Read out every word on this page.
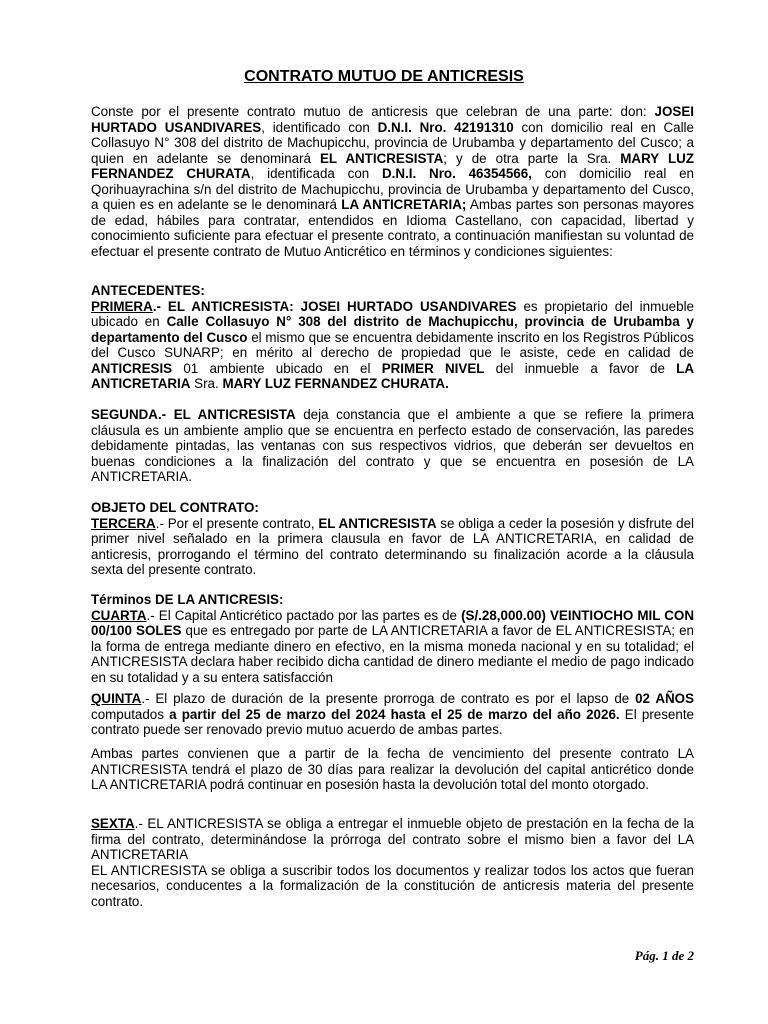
CONTRATO MUTUO DE ANTICRESIS

Conste por el presente contrato mutuo de anticresis que celebran de una parte: don: JOSEI HURTADO USANDIVARES, identificado con D.N.I. Nro. 42191310 con domicilio real en Calle Collasuyo N° 308 del distrito de Machupicchu, provincia de Urubamba y departamento del Cusco; a quien en adelante se denominará EL ANTICRESISTA; y de otra parte la Sra. MARY LUZ FERNANDEZ CHURATA, identificada con D.N.I. Nro. 46354566, con domicilio real en Qorihuayrachina s/n del distrito de Machupicchu, provincia de Urubamba y departamento del Cusco, a quien es en adelante se le denominará LA ANTICRETARIA; Ambas partes son personas mayores de edad, hábiles para contratar, entendidos en Idioma Castellano, con capacidad, libertad y conocimiento suficiente para efectuar el presente contrato, a continuación manifiestan su voluntad de efectuar el presente contrato de Mutuo Anticrético en términos y condiciones siguientes:

ANTECEDENTES:

PRIMERA.- EL ANTICRESISTA: JOSEI HURTADO USANDIVARES es propietario del inmueble ubicado en Calle Collasuyo N° 308 del distrito de Machupicchu, provincia de Urubamba y departamento del Cusco el mismo que se encuentra debidamente inscrito en los Registros Públicos del Cusco SUNARP; en mérito al derecho de propiedad que le asiste, cede en calidad de ANTICRESIS 01 ambiente ubicado en el PRIMER NIVEL del inmueble a favor de LA ANTICRETARIA Sra. MARY LUZ FERNANDEZ CHURATA.

SEGUNDA.- EL ANTICRESISTA deja constancia que el ambiente a que se refiere la primera cláusula es un ambiente amplio que se encuentra en perfecto estado de conservación, las paredes debidamente pintadas, las ventanas con sus respectivos vidrios, que deberán ser devueltos en buenas condiciones a la finalización del contrato y que se encuentra en posesión de LA ANTICRETARIA.

OBJETO DEL CONTRATO:

TERCERA.- Por el presente contrato, EL ANTICRESISTA se obliga a ceder la posesión y disfrute del primer nivel señalado en la primera clausula en favor de LA ANTICRETARIA, en calidad de anticresis, prorrogando el término del contrato determinando su finalización acorde a la cláusula sexta del presente contrato.

Términos DE LA ANTICRESIS:

CUARTA.- El Capital Anticrético pactado por las partes es de (S/.28,000.00) VEINTIOCHO MIL CON 00/100 SOLES que es entregado por parte de LA ANTICRETARIA a favor de EL ANTICRESISTA; en la forma de entrega mediante dinero en efectivo, en la misma moneda nacional y en su totalidad; el ANTICRESISTA declara haber recibido dicha cantidad de dinero mediante el medio de pago indicado en su totalidad y a su entera satisfacción

QUINTA.- El plazo de duración de la presente prorroga de contrato es por el lapso de 02 AÑOS computados a partir del 25 de marzo del 2024 hasta el 25 de marzo del año 2026. El presente contrato puede ser renovado previo mutuo acuerdo de ambas partes.

Ambas partes convienen que a partir de la fecha de vencimiento del presente contrato LA ANTICRESISTA tendrá el plazo de 30 días para realizar la devolución del capital anticrético donde LA ANTICRETARIA podrá continuar en posesión hasta la devolución total del monto otorgado.

SEXTA.- EL ANTICRESISTA se obliga a entregar el inmueble objeto de prestación en la fecha de la firma del contrato, determinándose la prórroga del contrato sobre el mismo bien a favor del LA ANTICRETARIA

EL ANTICRESISTA se obliga a suscribir todos los documentos y realizar todos los actos que fueran necesarios, conducentes a la formalización de la constitución de anticresis materia del presente contrato.

Pág. 1 de 2
